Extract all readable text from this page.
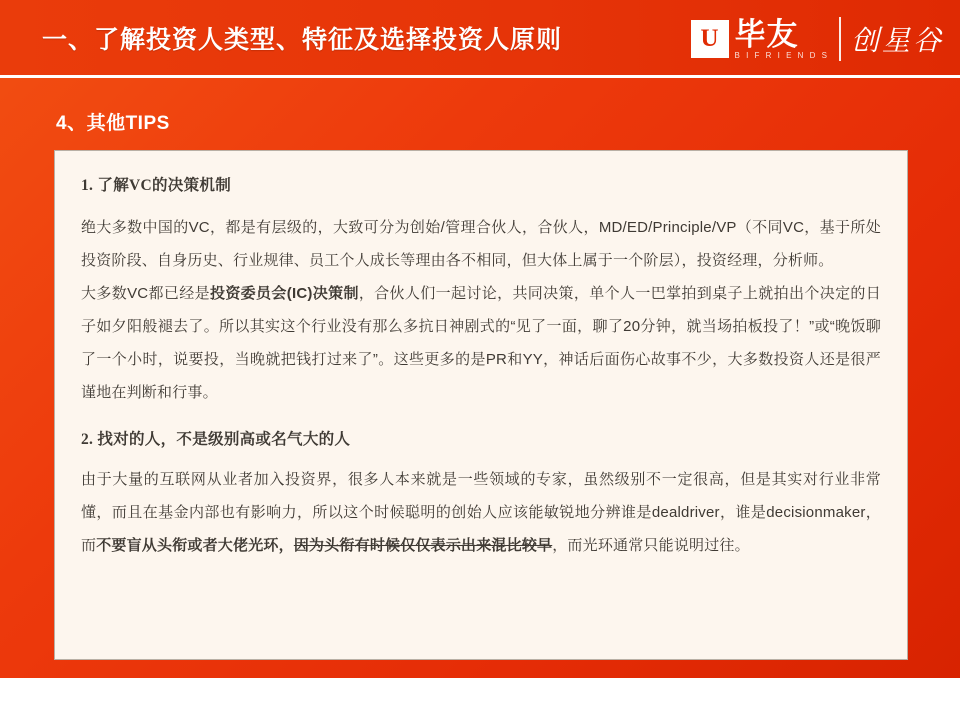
一、了解投资人类型、特征及选择投资人原则	U 毕友
B I F R I E N D S 创星谷
4、其他TIPS
1. 了解VC的决策机制
绝大多数中国的VC，都是有层级的，大致可分为创始/管理合伙人，合伙人，MD/ED/Principle/VP（不同VC，基于所处投资阶段、自身历史、行业规律、员工个人成长等理由各不相同，但大体上属于一个阶层），投资经理，分析师。
大多数VC都已经是投资委员会(IC)决策制，合伙人们一起讨论，共同决策，单个人一巴掌拍到桌子上就拍出个决定的日子如夕阳般褪去了。所以其实这个行业没有那么多抗日神剧式的“见了一面，聊了20分钟，就当场拍板投了！”或“晚饭聊了一个小时，说要投，当晚就把钱打过来了”。这些更多的是PR和YY，神话后面伤心故事不少，大多数投资人还是很严谨地在判断和行事。
2. 找对的人，不是级别高或名气大的人
由于大量的互联网从业者加入投资界，很多人本来就是一些领域的专家，虽然级别不一定很高，但是其实对行业非常懂，而且在基金内部也有影响力，所以这个时候聪明的创始人应该能敏锐地分辨谁是dealdriver，谁是decisionmaker，而不要盲从头衔或者大佬光环，因为头衔有时候仅仅表示出来混比较早，而光环通常只能说明过往。
